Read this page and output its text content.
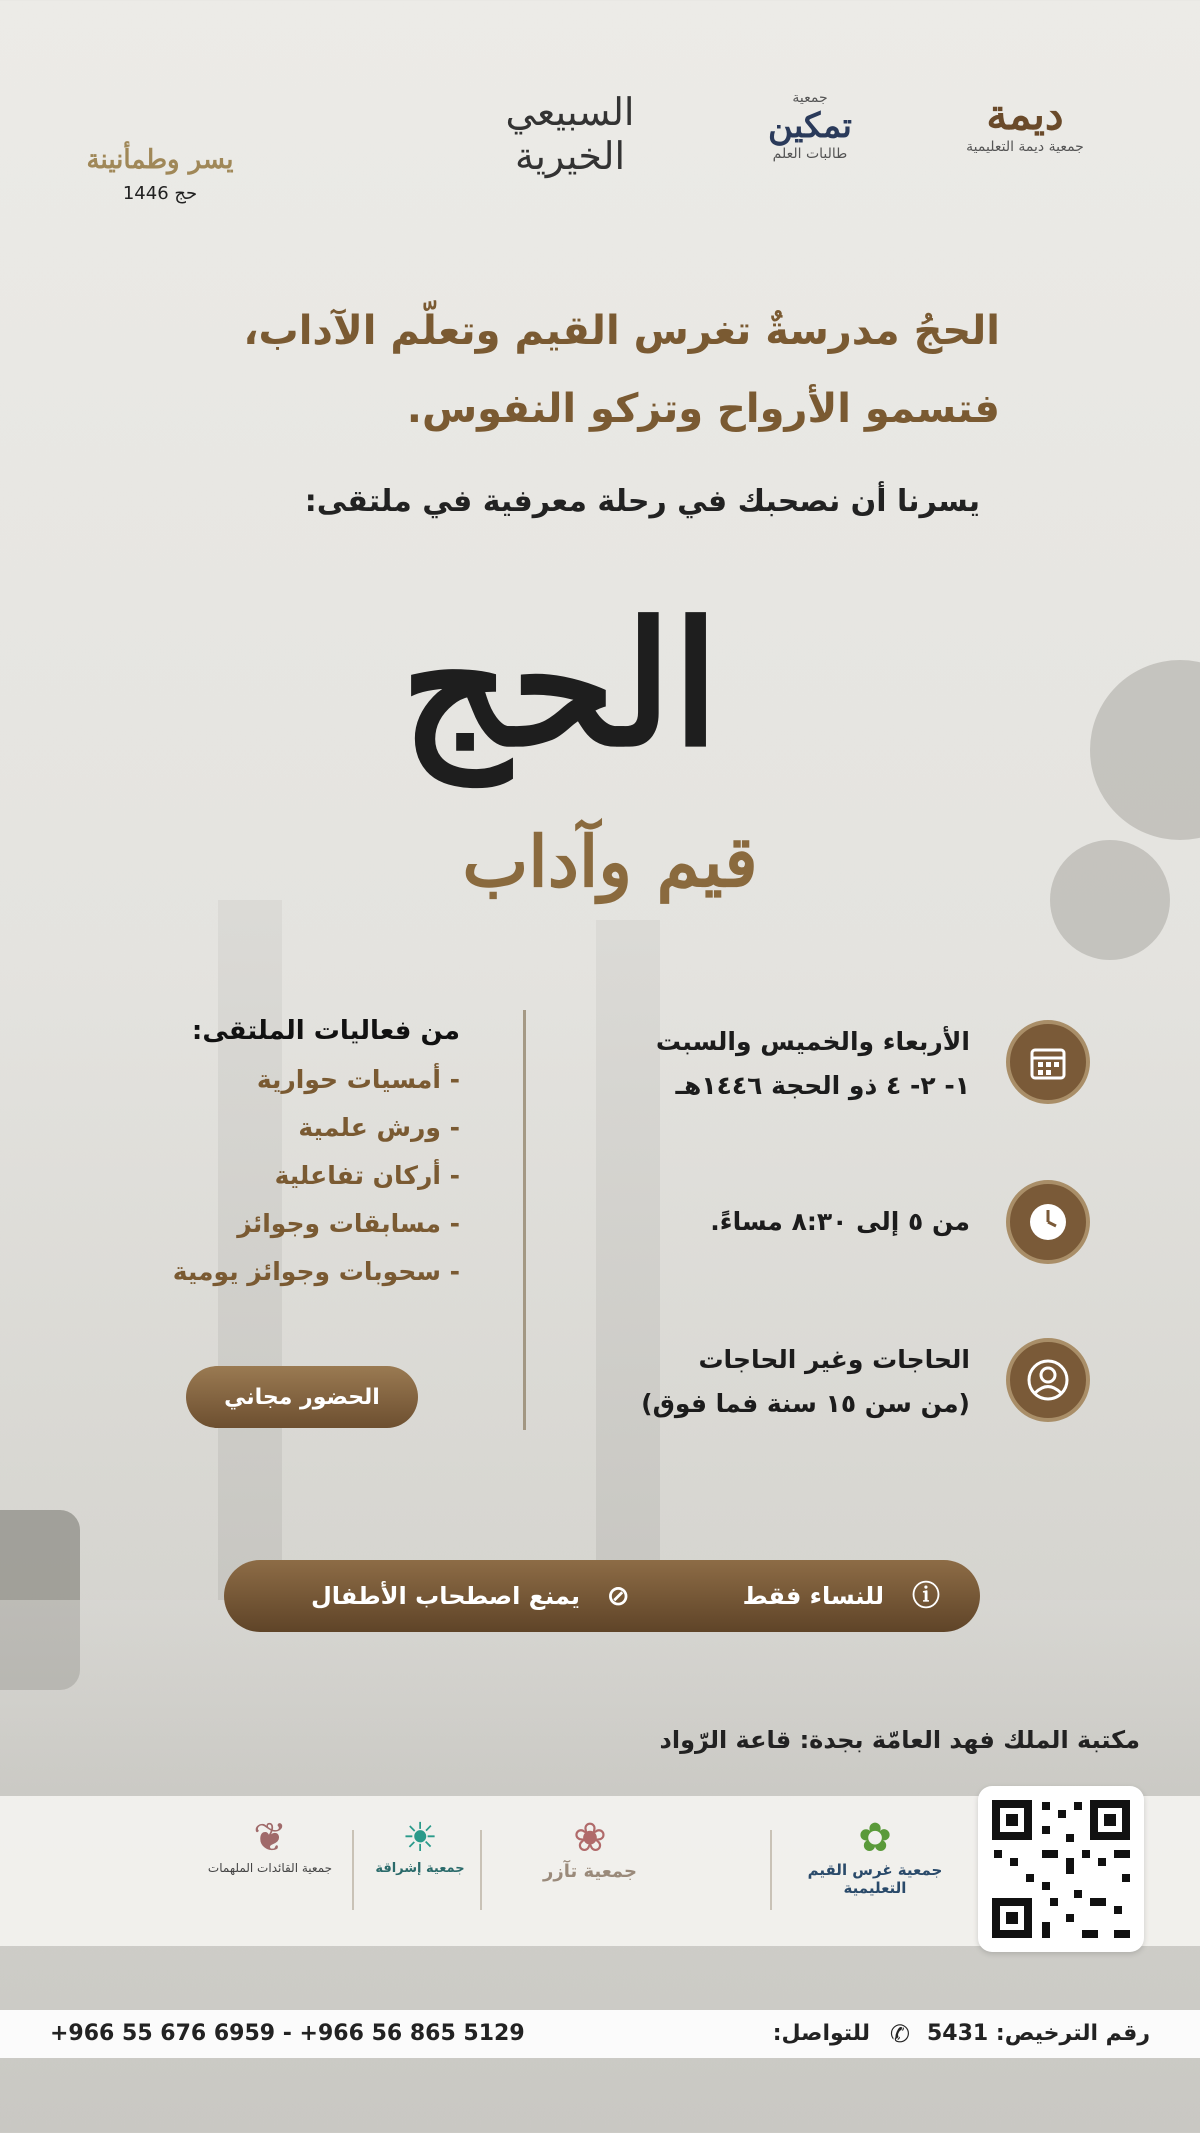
ديمة
جمعية ديمة التعليمية
جمعية
تمكين
طالبات العلم
السبيعي
الخيرية
يسر وطمأنينة
حج 1446
الحجُ مدرسةٌ تغرس القيم وتعلّم الآداب،
فتسمو الأرواح وتزكو النفوس.
يسرنا أن نصحبك في رحلة معرفية في ملتقى:
الحج
قيم وآداب
الأربعاء والخميس والسبت
١- ٢- ٤ ذو الحجة ١٤٤٦هـ
من ٥ إلى ٨:٣٠ مساءً.
الحاجات وغير الحاجات
(من سن ١٥ سنة فما فوق)
من فعاليات الملتقى:
- أمسيات حوارية
- ورش علمية
- أركان تفاعلية
- مسابقات وجوائز
- سحوبات وجوائز يومية
الحضور مجاني
ⓘ
للنساء فقط
⊘
يمنع اصطحاب الأطفال
مكتبة الملك فهد العامّة بجدة: قاعة الرّواد
✿
جمعية غرس القيم التعليمية
❀
جمعية تآزر
☀
جمعية إشراقة
❦
جمعية القائدات الملهمات
رقم الترخيص: 5431
✆
للتواصل:
+966 55 676 6959 - +966 56 865 5129
